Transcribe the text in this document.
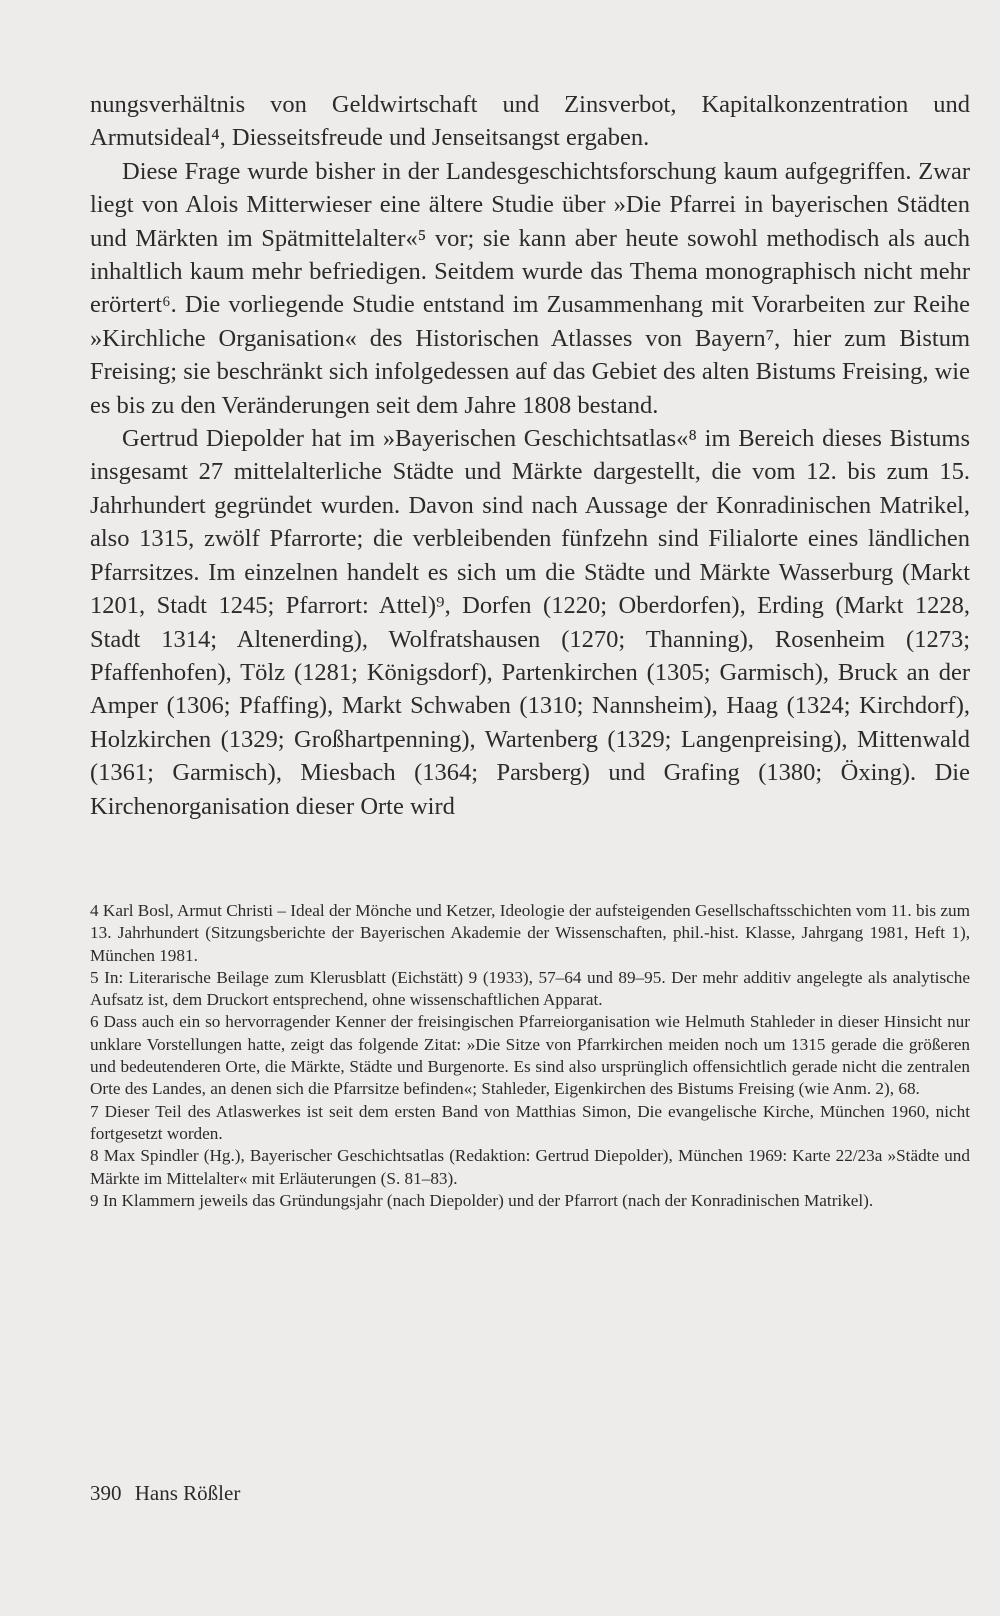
nungsverhältnis von Geldwirtschaft und Zinsverbot, Kapitalkonzentration und Armutsideal⁴, Diesseitsfreude und Jenseitsangst ergaben.

Diese Frage wurde bisher in der Landesgeschichtsforschung kaum aufgegriffen. Zwar liegt von Alois Mitterwieser eine ältere Studie über »Die Pfarrei in bayerischen Städten und Märkten im Spätmittelalter«⁵ vor; sie kann aber heute sowohl methodisch als auch inhaltlich kaum mehr befriedigen. Seitdem wurde das Thema monographisch nicht mehr erörtert⁶. Die vorliegende Studie entstand im Zusammenhang mit Vorarbeiten zur Reihe »Kirchliche Organisation« des Historischen Atlasses von Bayern⁷, hier zum Bistum Freising; sie beschränkt sich infolgedessen auf das Gebiet des alten Bistums Freising, wie es bis zu den Veränderungen seit dem Jahre 1808 bestand.

Gertrud Diepolder hat im »Bayerischen Geschichtsatlas«⁸ im Bereich dieses Bistums insgesamt 27 mittelalterliche Städte und Märkte dargestellt, die vom 12. bis zum 15. Jahrhundert gegründet wurden. Davon sind nach Aussage der Konradinischen Matrikel, also 1315, zwölf Pfarrorte; die verbleibenden fünfzehn sind Filialorte eines ländlichen Pfarrsitzes. Im einzelnen handelt es sich um die Städte und Märkte Wasserburg (Markt 1201, Stadt 1245; Pfarrort: Attel)⁹, Dorfen (1220; Oberdorfen), Erding (Markt 1228, Stadt 1314; Altenerding), Wolfratshausen (1270; Thanning), Rosenheim (1273; Pfaffenhofen), Tölz (1281; Königsdorf), Partenkirchen (1305; Garmisch), Bruck an der Amper (1306; Pfaffing), Markt Schwaben (1310; Nannsheim), Haag (1324; Kirchdorf), Holzkirchen (1329; Großhartpenning), Wartenberg (1329; Langenpreising), Mittenwald (1361; Garmisch), Miesbach (1364; Parsberg) und Grafing (1380; Öxing). Die Kirchenorganisation dieser Orte wird

4 Karl Bosl, Armut Christi – Ideal der Mönche und Ketzer, Ideologie der aufsteigenden Gesellschaftsschichten vom 11. bis zum 13. Jahrhundert (Sitzungsberichte der Bayerischen Akademie der Wissenschaften, phil.-hist. Klasse, Jahrgang 1981, Heft 1), München 1981.

5 In: Literarische Beilage zum Klerusblatt (Eichstätt) 9 (1933), 57–64 und 89–95. Der mehr additiv angelegte als analytische Aufsatz ist, dem Druckort entsprechend, ohne wissenschaftlichen Apparat.

6 Dass auch ein so hervorragender Kenner der freisingischen Pfarreiorganisation wie Helmuth Stahleder in dieser Hinsicht nur unklare Vorstellungen hatte, zeigt das folgende Zitat: »Die Sitze von Pfarrkirchen meiden noch um 1315 gerade die größeren und bedeutenderen Orte, die Märkte, Städte und Burgenorte. Es sind also ursprünglich offensichtlich gerade nicht die zentralen Orte des Landes, an denen sich die Pfarrsitze befinden«; Stahleder, Eigenkirchen des Bistums Freising (wie Anm. 2), 68.

7 Dieser Teil des Atlaswerkes ist seit dem ersten Band von Matthias Simon, Die evangelische Kirche, München 1960, nicht fortgesetzt worden.

8 Max Spindler (Hg.), Bayerischer Geschichtsatlas (Redaktion: Gertrud Diepolder), München 1969: Karte 22/23a »Städte und Märkte im Mittelalter« mit Erläuterungen (S. 81–83).

9 In Klammern jeweils das Gründungsjahr (nach Diepolder) und der Pfarrort (nach der Konradinischen Matrikel).

390 Hans Rößler
